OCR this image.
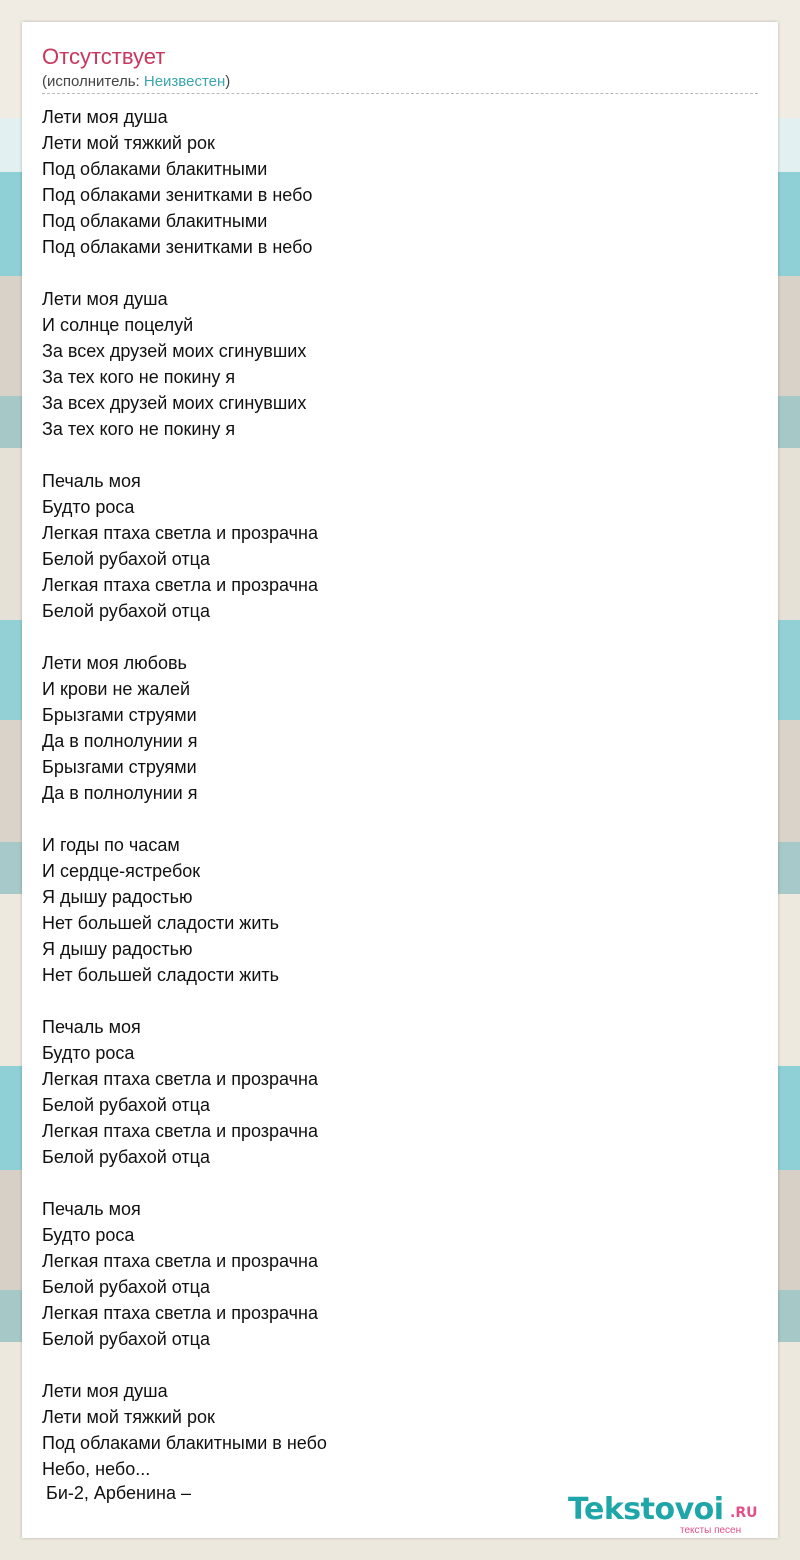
Отсутствует
(исполнитель: Неизвестен)
Лети моя душа
Лети мой тяжкий рок
Под облаками блакитными
Под облаками зенитками в небо
Под облаками блакитными
Под облаками зенитками в небо
Лети моя душа
И солнце поцелуй
За всех друзей моих сгинувших
За тех кого не покину я
За всех друзей моих сгинувших
За тех кого не покину я
Печаль моя
Будто роса
Легкая птаха светла и прозрачна
Белой рубахой отца
Легкая птаха светла и прозрачна
Белой рубахой отца
Лети моя любовь
И крови не жалей
Брызгами струями
Да в полнолунии я
Брызгами струями
Да в полнолунии я
И годы по часам
И сердце-ястребок
Я дышу радостью
Нет большей сладости жить
Я дышу радостью
Нет большей сладости жить
Печаль моя
Будто роса
Легкая птаха светла и прозрачна
Белой рубахой отца
Легкая птаха светла и прозрачна
Белой рубахой отца
Печаль моя
Будто роса
Легкая птаха светла и прозрачна
Белой рубахой отца
Легкая птаха светла и прозрачна
Белой рубахой отца
Лети моя душа
Лети мой тяжкий рок
Под облаками блакитными в небо
Небо, небо...
Би-2, Арбенина –	Tekstovoi .RU
тексты песен
